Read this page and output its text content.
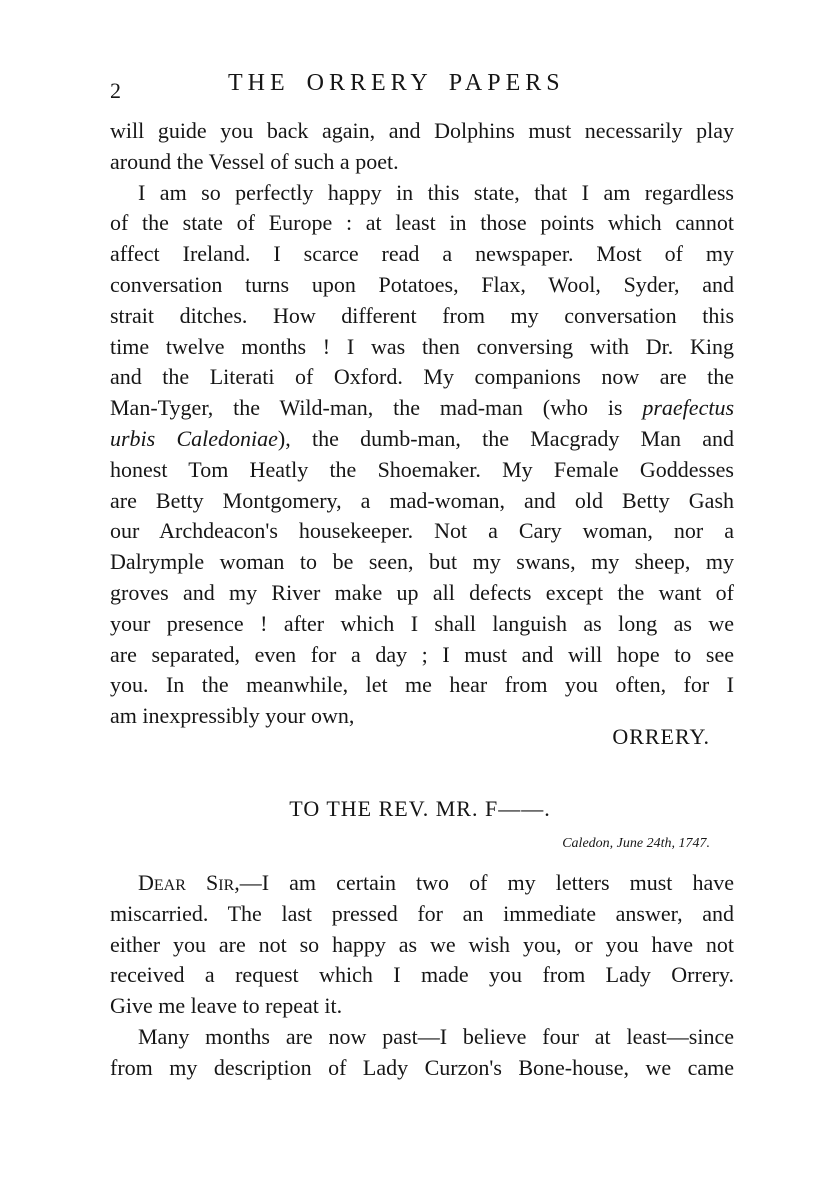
2	THE ORRERY PAPERS
will guide you back again, and Dolphins must necessarily play
around the Vessel of such a poet.
I am so perfectly happy in this state, that I am regardless
of the state of Europe : at least in those points which cannot
affect Ireland. I scarce read a newspaper. Most of my
conversation turns upon Potatoes, Flax, Wool, Syder, and
strait ditches. How different from my conversation this
time twelve months ! I was then conversing with Dr. King
and the Literati of Oxford. My companions now are the
Man-Tyger, the Wild-man, the mad-man (who is praefectus
urbis Caledoniae), the dumb-man, the Macgrady Man and
honest Tom Heatly the Shoemaker. My Female Goddesses
are Betty Montgomery, a mad-woman, and old Betty Gash
our Archdeacon's housekeeper. Not a Cary woman, nor a
Dalrymple woman to be seen, but my swans, my sheep, my
groves and my River make up all defects except the want of
your presence ! after which I shall languish as long as we
are separated, even for a day ; I must and will hope to see
you. In the meanwhile, let me hear from you often, for I
am inexpressibly your own,
ORRERY.
TO THE REV. MR. F——.
Caledon, June 24th, 1747.
DEAR SIR,—I am certain two of my letters must have
miscarried. The last pressed for an immediate answer, and
either you are not so happy as we wish you, or you have not
received a request which I made you from Lady Orrery.
Give me leave to repeat it.
Many months are now past—I believe four at least—since
from my description of Lady Curzon's Bone-house, we came
